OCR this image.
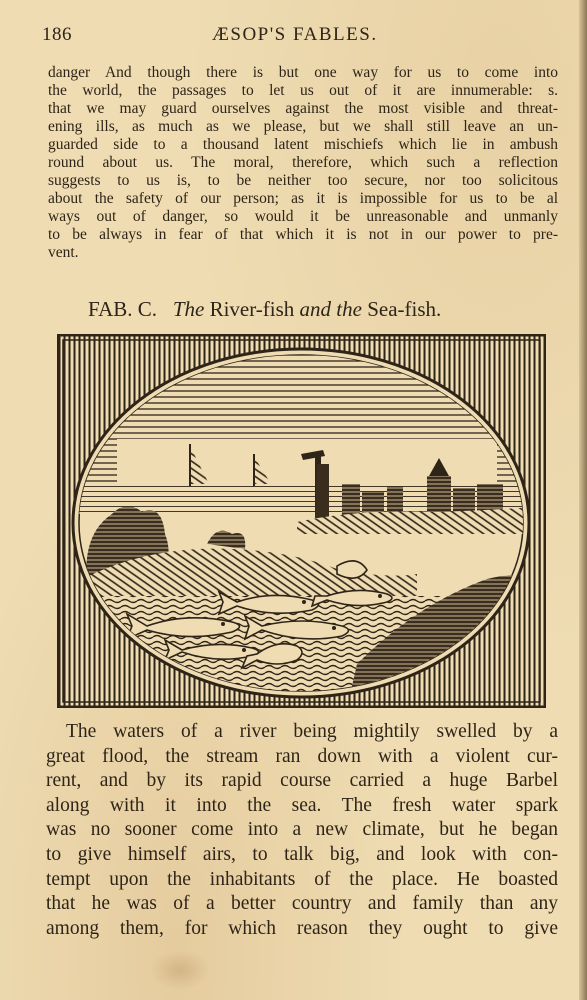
186	ÆSOP'S FABLES.

danger And though there is but one way for us to come into
the world, the passages to let us out of it are innumerable: s.
that we may guard ourselves against the most visible and threat-
ening ills, as much as we please, but we shall still leave an un-
guarded side to a thousand latent mischiefs which lie in ambush
round about us. The moral, therefore, which such a reflection
suggests to us is, to be neither too secure, nor too solicitous
about the safety of our person; as it is impossible for us to be al
ways out of danger, so would it be unreasonable and unmanly
to be always in fear of that which it is not in our power to pre-
vent.

FAB. C. The River-fish and the Sea-fish.

The waters of a river being mightily swelled by a
great flood, the stream ran down with a violent cur-
rent, and by its rapid course carried a huge Barbel
along with it into the sea. The fresh water spark
was no sooner come into a new climate, but he began
to give himself airs, to talk big, and look with con-
tempt upon the inhabitants of the place. He boasted
that he was of a better country and family than any
among them, for which reason they ought to give
